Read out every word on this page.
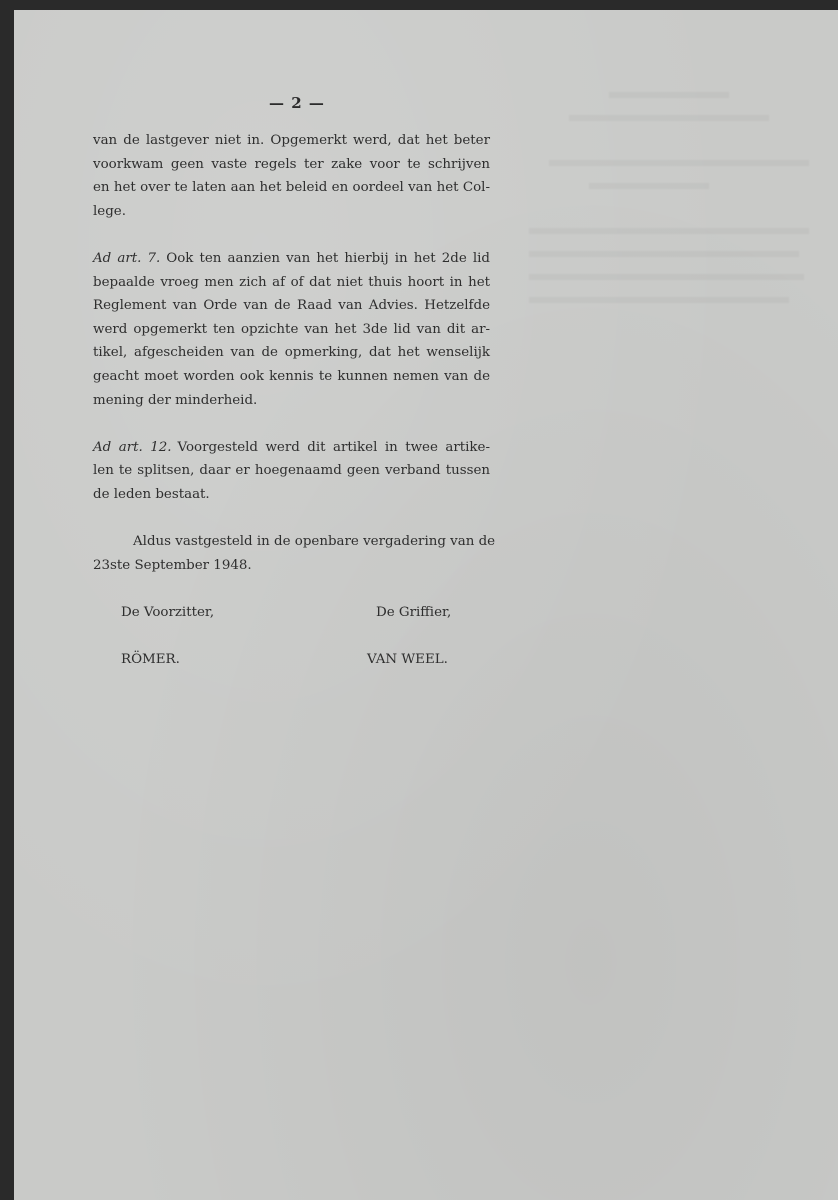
— 2 —
van de lastgever niet in. Opgemerkt werd, dat het beter
voorkwam geen vaste regels ter zake voor te schrijven
en het over te laten aan het beleid en oordeel van het Col-
lege.
Ad art. 7. Ook ten aanzien van het hierbij in het 2de lid
bepaalde vroeg men zich af of dat niet thuis hoort in het
Reglement van Orde van de Raad van Advies. Hetzelfde
werd opgemerkt ten opzichte van het 3de lid van dit ar-
tikel, afgescheiden van de opmerking, dat het wenselijk
geacht moet worden ook kennis te kunnen nemen van de
mening der minderheid.
Ad art. 12. Voorgesteld werd dit artikel in twee artike-
len te splitsen, daar er hoegenaamd geen verband tussen
de leden bestaat.
Aldus vastgesteld in de openbare vergadering van de
23ste September 1948.
De Voorzitter,	De Griffier,
RÖMER.	VAN WEEL.
